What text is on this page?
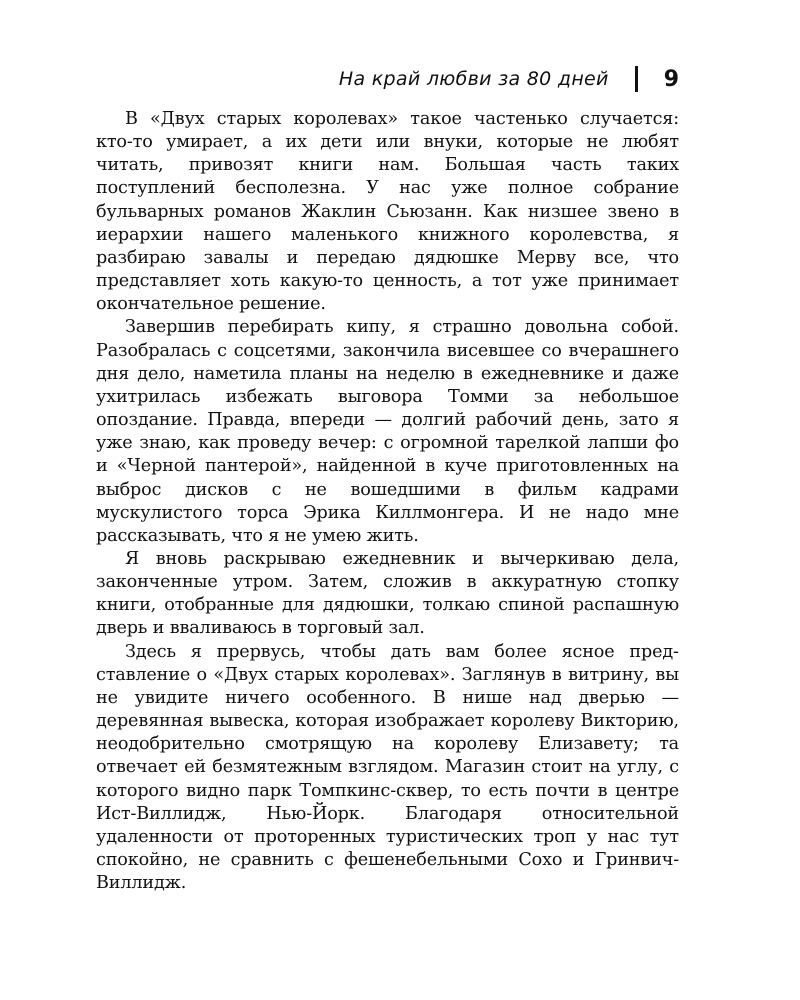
На край любви за 80 дней	9

В «Двух старых королевах» такое частенько случается: кто-то умирает, а их дети или внуки, которые не любят читать, привозят книги нам. Большая часть таких поступлений бесполезна. У нас уже полное собрание бульварных романов Жаклин Сьюзанн. Как низшее звено в иерархии нашего маленького книжного королевства, я разбираю завалы и передаю дядюшке Мерву все, что представляет хоть какую-то ценность, а тот уже принимает окончательное решение.

Завершив перебирать кипу, я страшно довольна собой. Разобралась с соцсетями, закончила висевшее со вчерашнего дня дело, наметила планы на неделю в ежедневнике и даже ухитрилась избежать выговора Томми за небольшое опоздание. Правда, впереди — долгий рабочий день, зато я уже знаю, как проведу вечер: с огромной тарелкой лапши фо и «Черной пантерой», найденной в куче приготовленных на выброс дисков с не вошедшими в фильм кадрами мускулистого торса Эрика Киллмонгера. И не надо мне рассказывать, что я не умею жить.

Я вновь раскрываю ежедневник и вычеркиваю дела, законченные утром. Затем, сложив в аккуратную стопку книги, отобранные для дядюшки, толкаю спиной распашную дверь и вваливаюсь в торговый зал.

Здесь я прервусь, чтобы дать вам более ясное представление о «Двух старых королевах». Заглянув в витрину, вы не увидите ничего особенного. В нише над дверью — деревянная вывеска, которая изображает королеву Викторию, неодобрительно смотрящую на королеву Елизавету; та отвечает ей безмятежным взглядом. Магазин стоит на углу, с которого видно парк Томпкинс-сквер, то есть почти в центре Ист-Виллидж, Нью-Йорк. Благодаря относительной удаленности от проторенных туристических троп у нас тут спокойно, не сравнить с фешенебельными Сохо и Гринвич-Виллидж.
